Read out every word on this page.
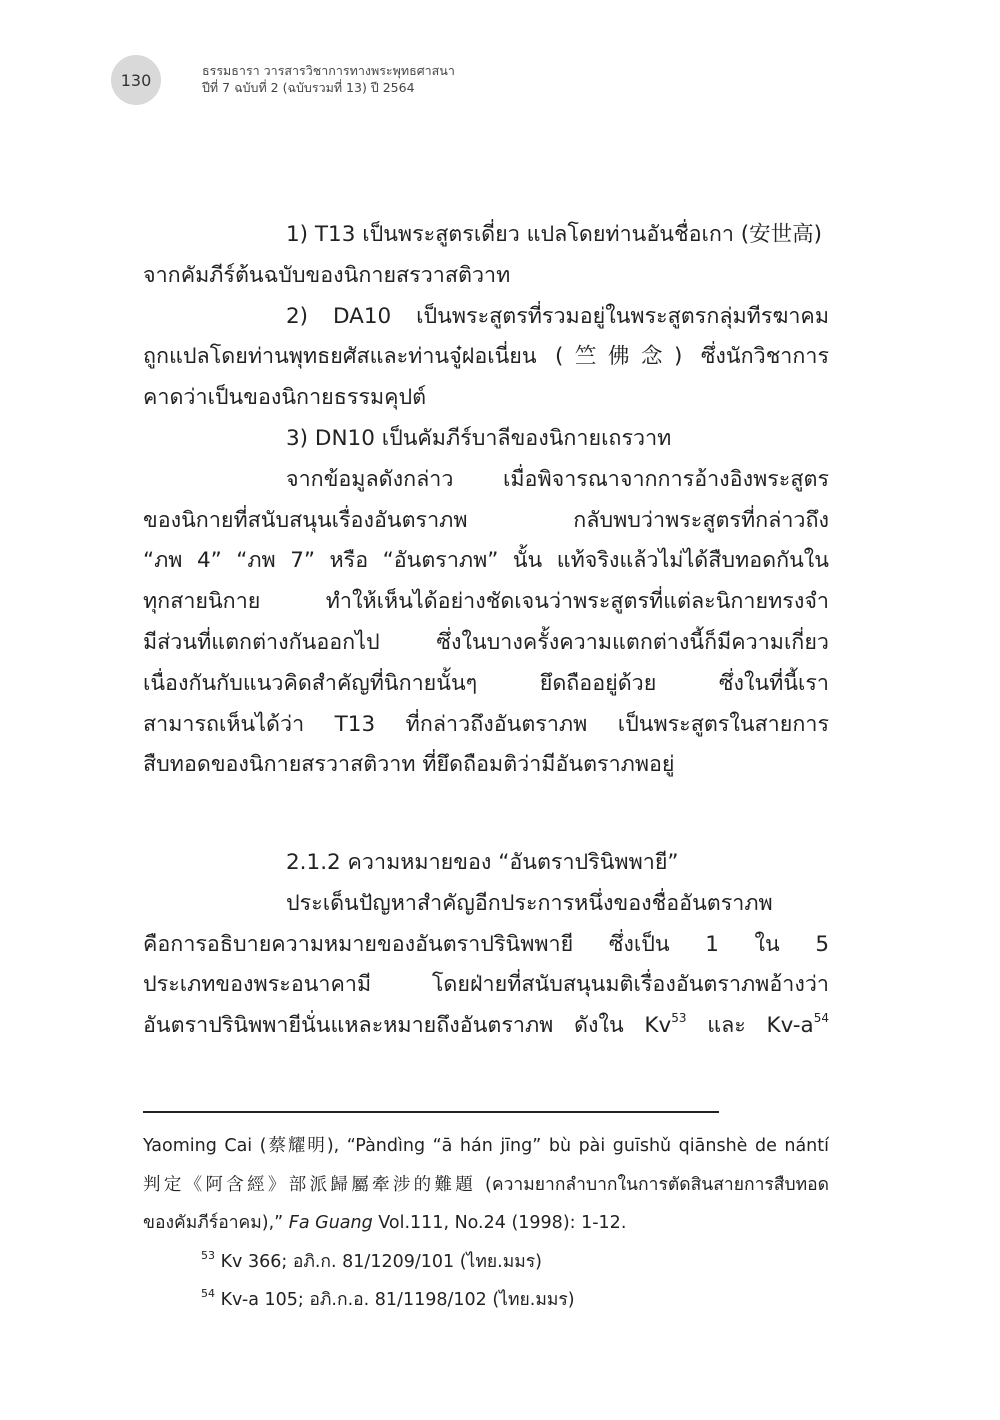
130	ธรรมธารา วารสารวิชาการทางพระพุทธศาสนา
ปีที่ 7 ฉบับที่ 2 (ฉบับรวมที่ 13) ปี 2564
1) T13 เป็นพระสูตรเดี่ยว แปลโดยท่านอันชื่อเกา (安世高)
จากคัมภีร์ต้นฉบับของนิกายสรวาสติวาท
2) DA10 เป็นพระสูตรที่รวมอยู่ในพระสูตรกลุ่มทีรฆาคม
ถูกแปลโดยท่านพุทธยศัสและท่านจู๋ฝอเนี่ยน (竺佛念) ซึ่งนักวิชาการ
คาดว่าเป็นของนิกายธรรมคุปต์
3) DN10 เป็นคัมภีร์บาลีของนิกายเถรวาท
จากข้อมูลดังกล่าว เมื่อพิจารณาจากการอ้างอิงพระสูตร
ของนิกายที่สนับสนุนเรื่องอันตราภพ กลับพบว่าพระสูตรที่กล่าวถึง
“ภพ 4” “ภพ 7” หรือ “อันตราภพ” นั้น แท้จริงแล้วไม่ได้สืบทอดกันใน
ทุกสายนิกาย ทำให้เห็นได้อย่างชัดเจนว่าพระสูตรที่แต่ละนิกายทรงจำ
มีส่วนที่แตกต่างกันออกไป ซึ่งในบางครั้งความแตกต่างนี้ก็มีความเกี่ยว
เนื่องกันกับแนวคิดสำคัญที่นิกายนั้นๆ ยึดถืออยู่ด้วย ซึ่งในที่นี้เรา
สามารถเห็นได้ว่า T13 ที่กล่าวถึงอันตราภพ เป็นพระสูตรในสายการ
สืบทอดของนิกายสรวาสติวาท ที่ยึดถือมติว่ามีอันตราภพอยู่
2.1.2 ความหมายของ “อันตราปรินิพพายี”
ประเด็นปัญหาสำคัญอีกประการหนึ่งของชื่ออันตราภพ
คือการอธิบายความหมายของอันตราปรินิพพายี ซึ่งเป็น 1 ใน 5
ประเภทของพระอนาคามี โดยฝ่ายที่สนับสนุนมติเรื่องอันตราภพอ้างว่า
อันตราปรินิพพายีนั่นแหละหมายถึงอันตราภพ ดังใน Kv$^{53}$ และ $Kv-a^{54}$
Yaoming Cai (蔡耀明), “Pàndìng “ā hán jīng” bù pài guīshǔ qiānshè de nántí
判定《阿含經》部派歸屬牽涉的難題 (ความยากลำบากในการตัดสินสายการสืบทอด
ของคัมภีร์อาคม),” Fa Guang Vol.111, No.24 (1998): 1-12.
$^{53}$ Kv 366; อภิ.ก. 81/1209/101 (ไทย.มมร)
$^{54}$ Kv-a 105; อภิ.ก.อ. 81/1198/102 (ไทย.มมร)
